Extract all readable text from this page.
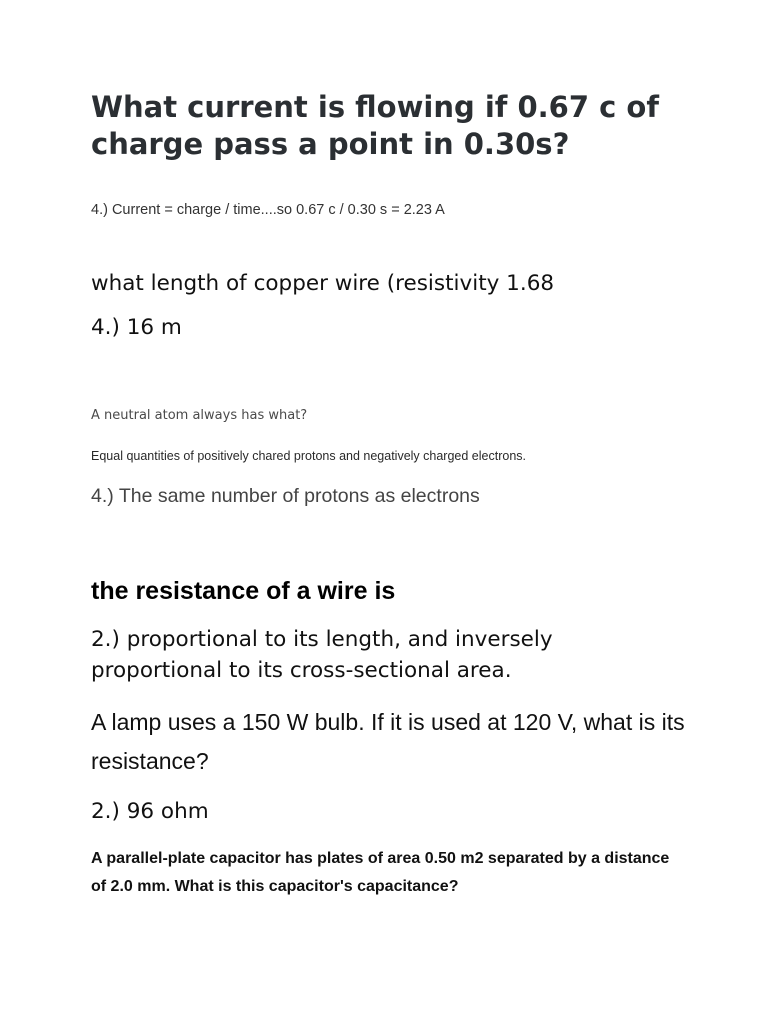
What current is flowing if 0.67 c of charge pass a point in 0.30s?

4.) Current = charge / time....so 0.67 c / 0.30 s = 2.23 A

what length of copper wire (resistivity 1.68

4.) 16 m

A neutral atom always has what?

Equal quantities of positively chared protons and negatively charged electrons.

4.) The same number of protons as electrons

the resistance of a wire is

2.) proportional to its length, and inversely proportional to its cross-sectional area.

A lamp uses a 150 W bulb. If it is used at 120 V, what is its resistance?

2.) 96 ohm

A parallel-plate capacitor has plates of area 0.50 m2 separated by a distance of 2.0 mm. What is this capacitor's capacitance?
